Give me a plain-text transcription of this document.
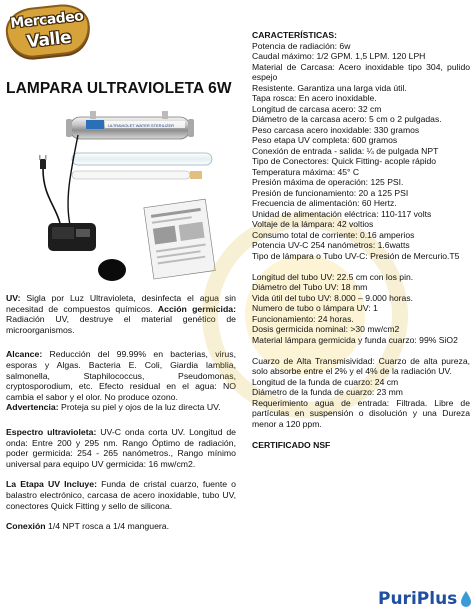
Mercadeo
Valle
LAMPARA ULTRAVIOLETA 6W
ULTRAVIOLET WATER STERILIZER

UV: Sigla por Luz Ultravioleta, desinfecta el agua sin necesitad de compuestos químicos. Acción germicida: Radiación UV, destruye el material genético de microorganismos.

Alcance: Reducción del 99.99% en bacterias, virus, esporas y Algas. Bacteria E. Coli, Giardia lamblia, salmonella, Staphilococcus, Pseudomonas, cryptosporodium, etc. Efecto residual en el agua: NO cambia el sabor y el olor. No produce ozono.
Advertencia: Proteja su piel y ojos de la luz directa UV.

Espectro ultravioleta: UV-C onda corta UV. Longitud de onda: Entre 200 y 295 nm. Rango Óptimo de radiación, poder germicida: 254 - 265 nanómetros., Rango mínimo universal para equipo UV germicida: 16 mw/cm2.

La Etapa UV Incluye: Funda de cristal cuarzo, fuente o balastro electrónico, carcasa de acero inoxidable, tubo UV, conectores Quick Fitting y sello de silicona.

Conexión 1/4 NPT rosca a 1/4 manguera.

CARACTERÍSTICAS:
Potencia de radiación: 6w
Caudal máximo: 1/2 GPM. 1,5 LPM. 120 LPH
Material de Carcasa: Acero inoxidable tipo 304, pulido espejo
Resistente. Garantiza una larga vida útil.
Tapa rosca: En acero inoxidable.
Longitud de carcasa acero: 32 cm
Diámetro de la carcasa acero: 5 cm o 2 pulgadas.
Peso carcasa acero inoxidable: 330 gramos
Peso etapa UV completa: 600 gramos
Conexión de entrada - salida: ¼ de pulgada NPT
Tipo de Conectores: Quick Fitting- acople rápido
Temperatura máxima: 45° C
Presión máxima de operación: 125 PSI.
Presión de funcionamiento: 20 a 125 PSI
Frecuencia de alimentación: 60 Hertz.
Unidad de alimentación eléctrica: 110-117 volts
Voltaje de la lámpara: 42 voltios
Consumo total de corriente: 0.16 amperios
Potencia UV-C 254 nanómetros: 1.6watts
Tipo de lámpara o Tubo UV-C: Presión de Mercurio.T5
Longitud del tubo UV: 22.5 cm con los pin.
Diámetro del Tubo UV: 18 mm
Vida útil del tubo UV: 8.000 – 9.000 horas.
Numero de tubo o lámpara UV: 1
Funcionamiento: 24 horas.
Dosis germicida nominal: >30 mw/cm2
Material lámpara germicida y funda cuarzo: 99% SiO2
Cuarzo de Alta Transmisividad: Cuarzo de alta pureza, solo absorbe entre el 2% y el 4% de la radiación UV.
Longitud de la funda de cuarzo: 24 cm
Diámetro de la funda de cuarzo: 23 mm
Requerimiento agua de entrada: Filtrada. Libre de partículas en suspensión o disolución y una Dureza menor a 120 ppm.
CERTIFICADO NSF
Puri Plus
